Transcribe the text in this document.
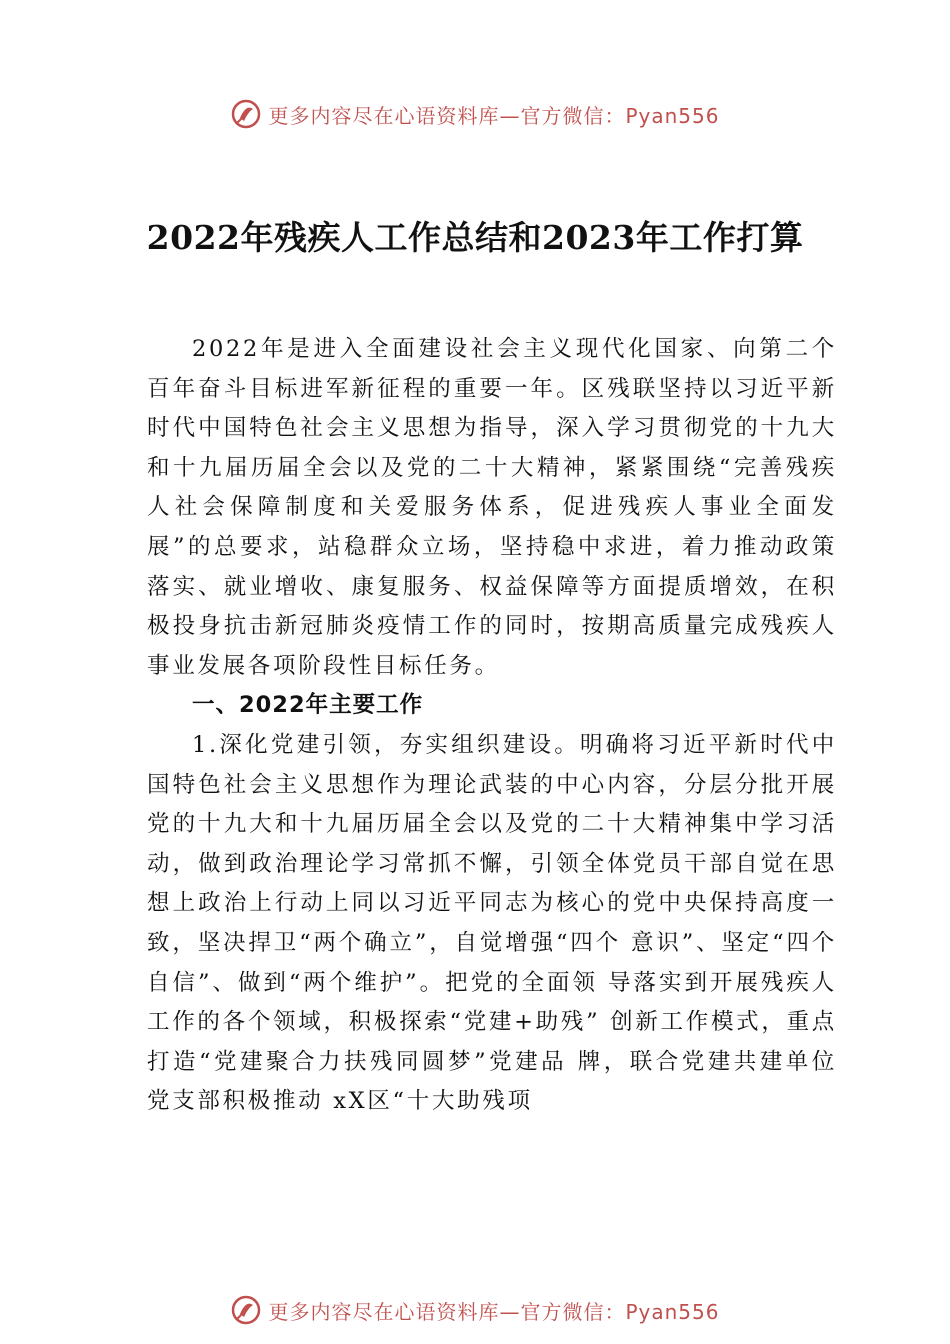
更多内容尽在心语资料库—官方微信：Pyan556
2022年残疾人工作总结和2023年工作打算

2022年是进入全面建设社会主义现代化国家、向第二个百年奋斗目标进军新征程的重要一年。区残联坚持以习近平新时代中国特色社会主义思想为指导，深入学习贯彻党的十九大和十九届历届全会以及党的二十大精神，紧紧围绕“完善残疾人社会保障制度和关爱服务体系，促进残疾人事业全面发展”的总要求，站稳群众立场，坚持稳中求进，着力推动政策落实、就业增收、康复服务、权益保障等方面提质增效，在积极投身抗击新冠肺炎疫情工作的同时，按期高质量完成残疾人事业发展各项阶段性目标任务。

一、2022年主要工作

1.深化党建引领，夯实组织建设。明确将习近平新时代中国特色社会主义思想作为理论武装的中心内容，分层分批开展党的十九大和十九届历届全会以及党的二十大精神集中学习活动，做到政治理论学习常抓不懈，引领全体党员干部自觉在思想上政治上行动上同以习近平同志为核心的党中央保持高度一致，坚决捍卫“两个确立”，自觉增强“四个 意识”、坚定“四个自信”、做到“两个维护”。把党的全面领 导落实到开展残疾人工作的各个领域，积极探索“党建+助残” 创新工作模式，重点打造“党建聚合力扶残同圆梦”党建品 牌，联合党建共建单位党支部积极推动 xX区“十大助残项

更多内容尽在心语资料库—官方微信：Pyan556
